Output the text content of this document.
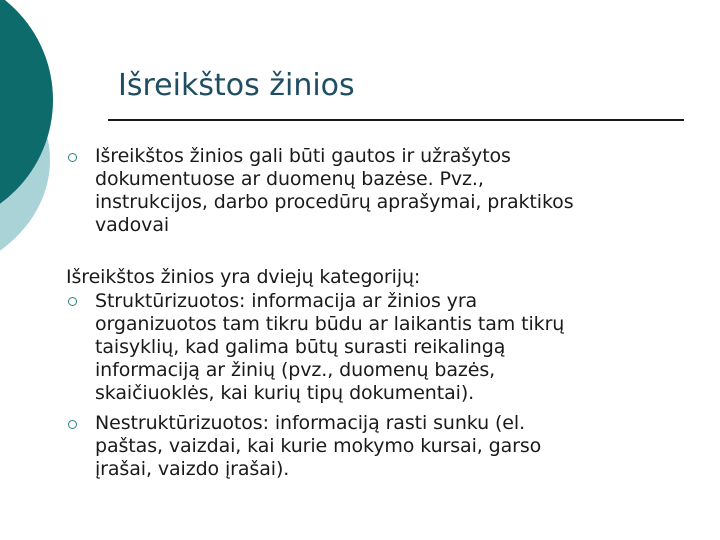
Išreikštos žinios
Išreikštos žinios gali būti gautos ir užrašytos
dokumentuose ar duomenų bazėse. Pvz.,
instrukcijos, darbo procedūrų aprašymai, praktikos
vadovai
Išreikštos žinios yra dviejų kategorijų:
Struktūrizuotos: informacija ar žinios yra
organizuotos tam tikru būdu ar laikantis tam tikrų
taisyklių, kad galima būtų surasti reikalingą
informaciją ar žinių (pvz., duomenų bazės,
skaičiuoklės, kai kurių tipų dokumentai).
Nestruktūrizuotos: informaciją rasti sunku (el.
paštas, vaizdai, kai kurie mokymo kursai, garso
įrašai, vaizdo įrašai).
